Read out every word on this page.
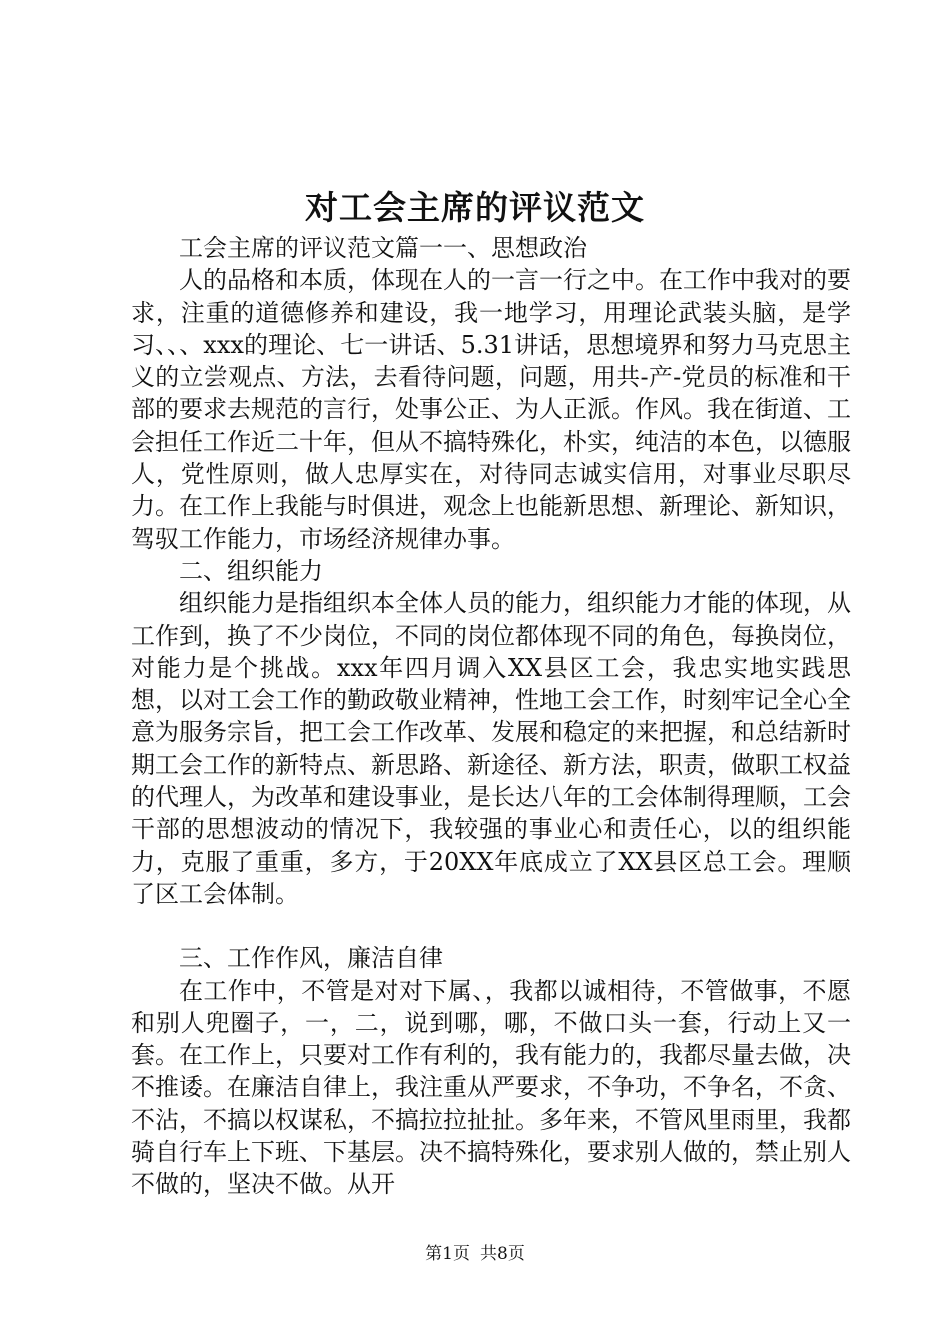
对工会主席的评议范文

工会主席的评议范文篇一一、思想政治

人的品格和本质，体现在人的一言一行之中。在工作中我对的要求，注重的道德修养和建设，我一地学习，用理论武装头脑，是学习、、、xxx的理论、七一讲话、5.31讲话，思想境界和努力马克思主义的立尝观点、方法，去看待问题，问题，用共-产-党员的标准和干部的要求去规范的言行，处事公正、为人正派。作风。我在街道、工会担任工作近二十年，但从不搞特殊化，朴实，纯洁的本色，以德服人，党性原则，做人忠厚实在，对待同志诚实信用，对事业尽职尽力。在工作上我能与时俱进，观念上也能新思想、新理论、新知识，驾驭工作能力，市场经济规律办事。

二、组织能力

组织能力是指组织本全体人员的能力，组织能力才能的体现，从工作到，换了不少岗位，不同的岗位都体现不同的角色，每换岗位，对能力是个挑战。xxx年四月调入XX县区工会，我忠实地实践思想，以对工会工作的勤政敬业精神，性地工会工作，时刻牢记全心全意为服务宗旨，把工会工作改革、发展和稳定的来把握，和总结新时期工会工作的新特点、新思路、新途径、新方法，职责，做职工权益的代理人，为改革和建设事业，是长达八年的工会体制得理顺，工会干部的思想波动的情况下，我较强的事业心和责任心，以的组织能力，克服了重重，多方，于20XX年底成立了XX县区总工会。理顺了区工会体制。

三、工作作风，廉洁自律

在工作中，不管是对对下属、，我都以诚相待，不管做事，不愿和别人兜圈子，一，二，说到哪，哪，不做口头一套，行动上又一套。在工作上，只要对工作有利的，我有能力的，我都尽量去做，决不推诿。在廉洁自律上，我注重从严要求，不争功，不争名，不贪、不沾，不搞以权谋私，不搞拉拉扯扯。多年来，不管风里雨里，我都骑自行车上下班、下基层。决不搞特殊化，要求别人做的，禁止别人不做的，坚决不做。从开

第1页 共8页
